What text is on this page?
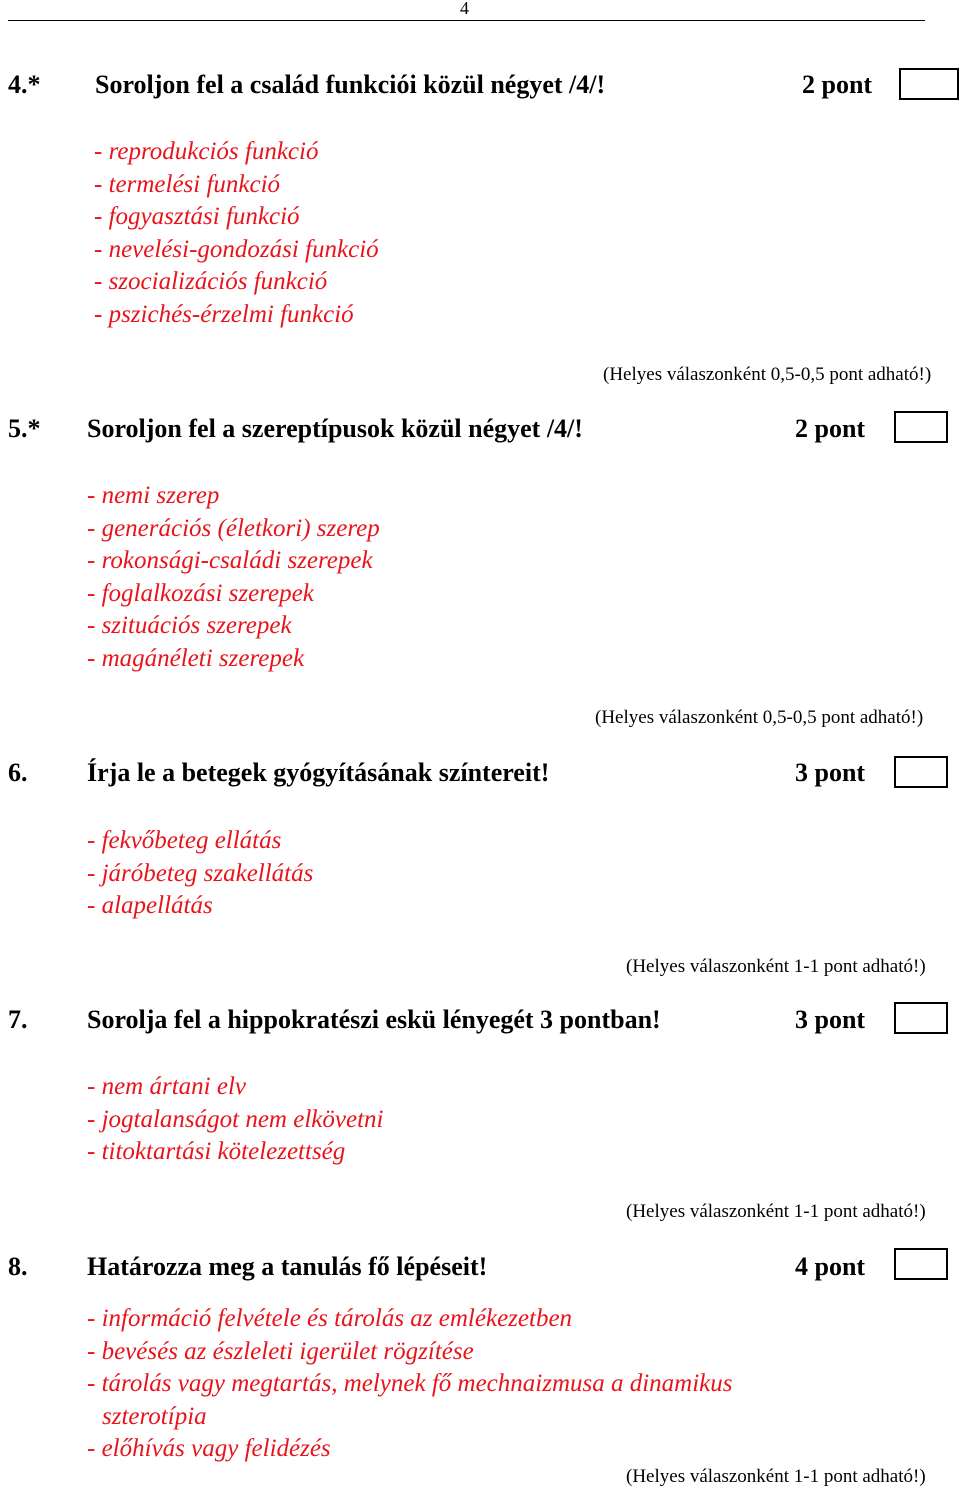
4
4.* Soroljon fel a család funkciói közül négyet /4/!	2 pont
- reprodukciós funkció
- termelési funkció
- fogyasztási funkció
- nevelési-gondozási funkció
- szocializációs funkció
- pszichés-érzelmi funkció
(Helyes válaszonként 0,5-0,5 pont adható!)
5.* Soroljon fel a szereptípusok közül négyet /4/!	2 pont
- nemi szerep
- generációs (életkori) szerep
- rokonsági-családi szerepek
- foglalkozási szerepek
- szituációs szerepek
- magánéleti szerepek
(Helyes válaszonként 0,5-0,5 pont adható!)
6. Írja le a betegek gyógyításának színtereit!	3 pont
- fekvőbeteg ellátás
- járóbeteg szakellátás
- alapellátás
(Helyes válaszonként 1-1 pont adható!)
7. Sorolja fel a hippokratészi eskü lényegét 3 pontban!	3 pont
- nem ártani elv
- jogtalanságot nem elkövetni
- titoktartási kötelezettség
(Helyes válaszonként 1-1 pont adható!)
8. Határozza meg a tanulás fő lépéseit!	4 pont
- információ felvétele és tárolás az emlékezetben
- bevésés az észleleti igerület rögzítése
- tárolás vagy megtartás, melynek fő mechnaizmusa a dinamikus
szterotípia
- előhívás vagy felidézés
(Helyes válaszonként 1-1 pont adható!)
